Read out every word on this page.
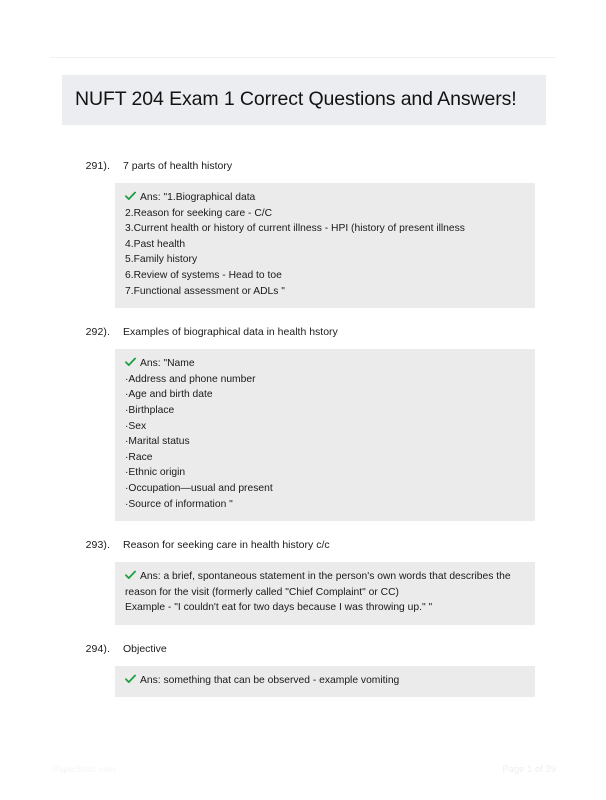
NUFT 204 Exam 1 Correct Questions and Answers!
291).	7 parts of health history
Ans: "1.Biographical data
2.Reason for seeking care - C/C
3.Current health or history of current illness - HPI (history of present illness
4.Past health
5.Family history
6.Review of systems - Head to toe
7.Functional assessment or ADLs "
292).	Examples of biographical data in health hstory
Ans: "Name
·Address and phone number
·Age and birth date
·Birthplace
·Sex
·Marital status
·Race
·Ethnic origin
·Occupation—usual and present
·Source of information "
293).	Reason for seeking care in health history c/c
Ans: a brief, spontaneous statement in the person's own words that describes the reason for the visit (formerly called "Chief Complaint" or CC)
Example - "I couldn't eat for two days because I was throwing up." "
294).	Objective
Ans: something that can be observed - example vomiting
PaperStitic.com	Page 1 of 39
